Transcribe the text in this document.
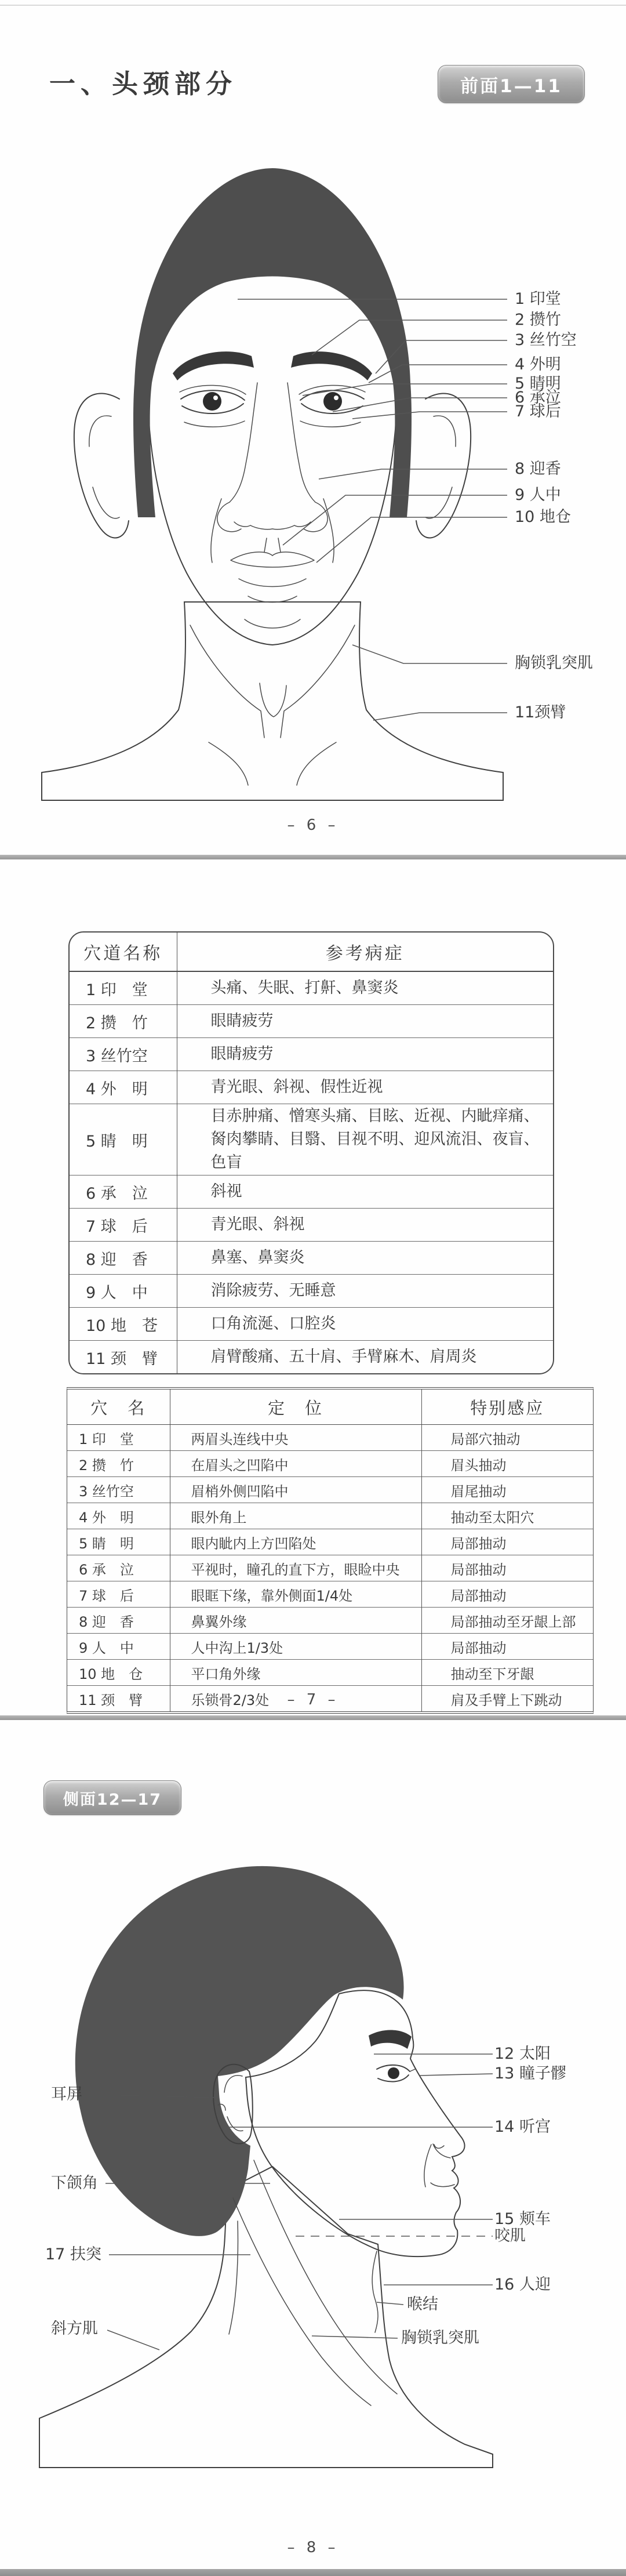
一、头颈部分	前面1—11
1 印堂
2 攒竹
3 丝竹空
4 外明
5 睛明
6 承泣
7 球后
8 迎香
9 人中
10 地仓
胸锁乳突肌
11颈臂
– 6 –
穴道名称	参考病症
1 印　堂	头痛、失眠、打鼾、鼻窦炎
2 攒　竹	眼睛疲劳
3 丝竹空	眼睛疲劳
4 外　明	青光眼、斜视、假性近视
5 睛　明	目赤肿痛、憎寒头痛、目眩、近视、内眦痒痛、胬肉攀睛、目翳、目视不明、迎风流泪、夜盲、色盲
6 承　泣	斜视
7 球　后	青光眼、斜视
8 迎　香	鼻塞、鼻窦炎
9 人　中	消除疲劳、无睡意
10 地　苍	口角流涎、口腔炎
11 颈　臂	肩臂酸痛、五十肩、手臂麻木、肩周炎
穴　名	定　位	特别感应
1 印　堂	两眉头连线中央	局部穴抽动
2 攒　竹	在眉头之凹陷中	眉头抽动
3 丝竹空	眉梢外侧凹陷中	眉尾抽动
4 外　明	眼外角上	抽动至太阳穴
5 睛　明	眼内眦内上方凹陷处	局部抽动
6 承　泣	平视时，瞳孔的直下方，眼睑中央	局部抽动
7 球　后	眼眶下缘，靠外侧面1/4处	局部抽动
8 迎　香	鼻翼外缘	局部抽动至牙龈上部
9 人　中	人中沟上1/3处	局部抽动
10 地　仓	平口角外缘	抽动至下牙龈
11 颈　臂	乐锁骨2/3处	肩及手臂上下跳动
– 7 –
侧面12—17
12 太阳
13 瞳子髎
14 听宫
15 颊车
咬肌
16 人迎
喉结
胸锁乳突肌
耳屏
下颌角
17 扶突
斜方肌
– 8 –
